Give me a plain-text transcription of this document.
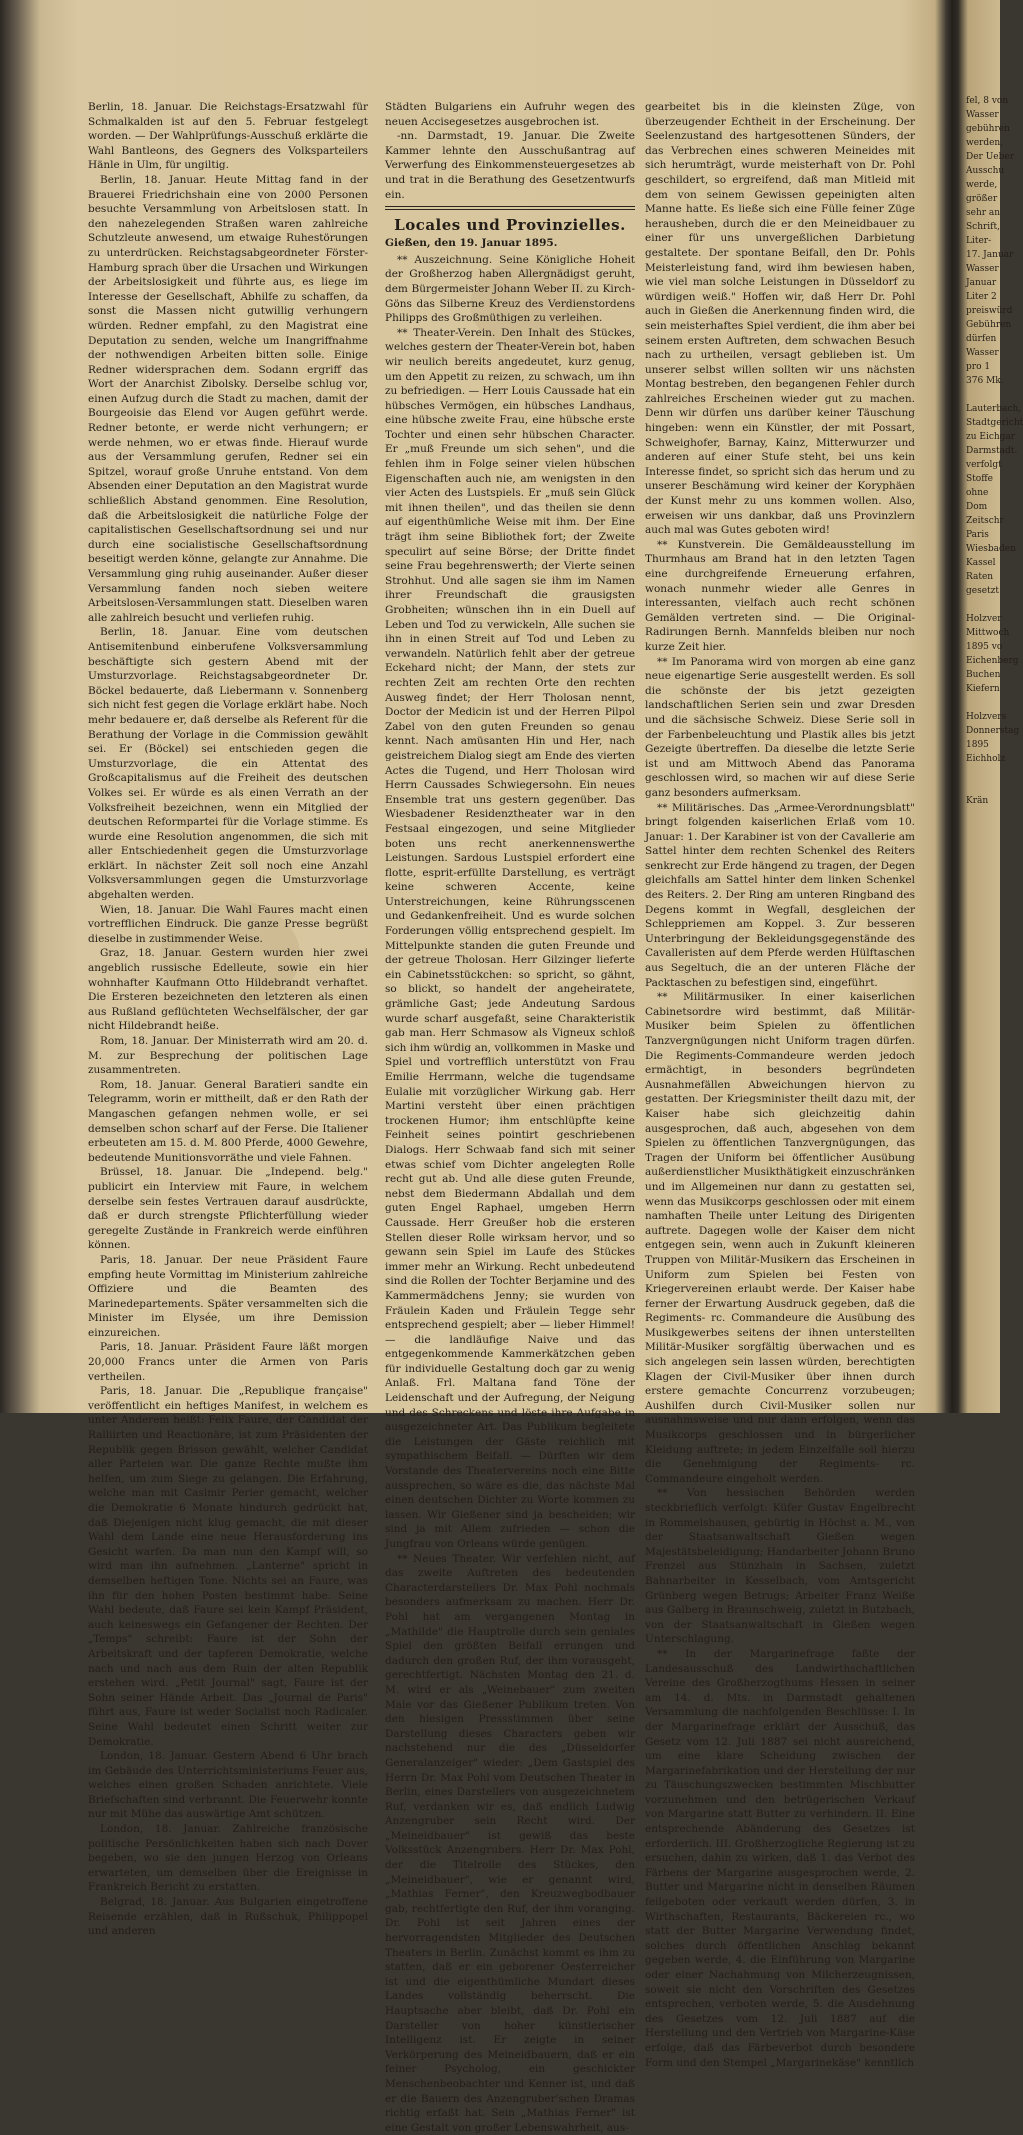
Berlin, 18. Januar. Die Reichstags-Ersatzwahl für Schmalkalden ist auf den 5. Februar festgelegt worden. — Der Wahlprüfungs-Ausschuß erklärte die Wahl Bantleons, des Gegners des Volksparteilers Hänle in Ulm, für ungiltig.

Berlin, 18. Januar. Heute Mittag fand in der Brauerei Friedrichshain eine von 2000 Personen besuchte Versammlung von Arbeitslosen statt. In den nahezelegenden Straßen waren zahlreiche Schutzleute anwesend, um etwaige Ruhestörungen zu unterdrücken. Reichstagsabgeordneter Förster-Hamburg sprach über die Ursachen und Wirkungen der Arbeitslosigkeit und führte aus, es liege im Interesse der Gesellschaft, Abhilfe zu schaffen, da sonst die Massen nicht gutwillig verhungern würden. Redner empfahl, zu den Magistrat eine Deputation zu senden, welche um Inangriffnahme der nothwendigen Arbeiten bitten solle. Einige Redner widersprachen dem. Sodann ergriff das Wort der Anarchist Zibolsky. Derselbe schlug vor, einen Aufzug durch die Stadt zu machen, damit der Bourgeoisie das Elend vor Augen geführt werde. Redner betonte, er werde nicht verhungern; er werde nehmen, wo er etwas finde. Hierauf wurde aus der Versammlung gerufen, Redner sei ein Spitzel, worauf große Unruhe entstand. Von dem Absenden einer Deputation an den Magistrat wurde schließlich Abstand genommen. Eine Resolution, daß die Arbeitslosigkeit die natürliche Folge der capitalistischen Gesellschaftsordnung sei und nur durch eine socialistische Gesellschaftsordnung beseitigt werden könne, gelangte zur Annahme. Die Versammlung ging ruhig auseinander. Außer dieser Versammlung fanden noch sieben weitere Arbeitslosen-Versammlungen statt. Dieselben waren alle zahlreich besucht und verliefen ruhig.

Berlin, 18. Januar. Eine vom deutschen Antisemitenbund einberufene Volksversammlung beschäftigte sich gestern Abend mit der Umsturzvorlage. Reichstagsabgeordneter Dr. Böckel bedauerte, daß Liebermann v. Sonnenberg sich nicht fest gegen die Vorlage erklärt habe. Noch mehr bedauere er, daß derselbe als Referent für die Berathung der Vorlage in die Commission gewählt sei. Er (Böckel) sei entschieden gegen die Umsturzvorlage, die ein Attentat des Großcapitalismus auf die Freiheit des deutschen Volkes sei. Er würde es als einen Verrath an der Volksfreiheit bezeichnen, wenn ein Mitglied der deutschen Reformpartei für die Vorlage stimme. Es wurde eine Resolution angenommen, die sich mit aller Entschiedenheit gegen die Umsturzvorlage erklärt. In nächster Zeit soll noch eine Anzahl Volksversammlungen gegen die Umsturzvorlage abgehalten werden.

Wien, 18. Januar. Die Wahl Faures macht einen vortrefflichen Eindruck. Die ganze Presse begrüßt dieselbe in zustimmender Weise.

Graz, 18. Januar. Gestern wurden hier zwei angeblich russische Edelleute, sowie ein hier wohnhafter Kaufmann Otto Hildebrandt verhaftet. Die Ersteren bezeichneten den letzteren als einen aus Rußland geflüchteten Wechselfälscher, der gar nicht Hildebrandt heiße.

Rom, 18. Januar. Der Ministerrath wird am 20. d. M. zur Besprechung der politischen Lage zusammentreten.

Rom, 18. Januar. General Baratieri sandte ein Telegramm, worin er mittheilt, daß er den Rath der Mangaschen gefangen nehmen wolle, er sei demselben schon scharf auf der Ferse. Die Italiener erbeuteten am 15. d. M. 800 Pferde, 4000 Gewehre, bedeutende Munitionsvorräthe und viele Fahnen.

Brüssel, 18. Januar. Die „Independ. belg." publicirt ein Interview mit Faure, in welchem derselbe sein festes Vertrauen darauf ausdrückte, daß er durch strengste Pflichterfüllung wieder geregelte Zustände in Frankreich werde einführen können.

Paris, 18. Januar. Der neue Präsident Faure empfing heute Vormittag im Ministerium zahlreiche Offiziere und die Beamten des Marinedepartements. Später versammelten sich die Minister im Elysée, um ihre Demission einzureichen.

Paris, 18. Januar. Präsident Faure läßt morgen 20,000 Francs unter die Armen von Paris vertheilen.

Paris, 18. Januar. Die „Republique française" veröffentlicht ein heftiges Manifest, in welchem es unter Anderem heißt: Felix Faure, der Candidat der Ralliirten und Reactionäre, ist zum Präsidenten der Republik gegen Brisson gewählt, welcher Candidat aller Parteien war. Die ganze Rechte mußte ihm helfen, um zum Siege zu gelangen. Die Erfahrung, welche man mit Casimir Perier gemacht, welcher die Demokratie 6 Monate hindurch gedrückt hat, daß Diejenigen nicht klug gemacht, die mit dieser Wahl dem Lande eine neue Herausforderung ins Gesicht warfen. Da man nun den Kampf will, so wird man ihn aufnehmen. „Lanterne" spricht in demselben heftigen Tone. Nichts sei an Faure, was ihn für den hohen Posten bestimmt habe. Seine Wahl bedeute, daß Faure sei kein Kampf Präsident, auch keineswegs ein Gefangener der Rechten. Der „Temps" schreibt: Faure ist der Sohn der Arbeitskraft und der tapferen Demokratie, welche nach und nach aus dem Ruin der alten Republik erstehen wird. „Petit Journal" sagt, Faure ist der Sohn seiner Hände Arbeit. Das „Journal de Paris" führt aus, Faure ist weder Socialist noch Radicaler. Seine Wahl bedeutet einen Schritt weiter zur Demokratie.

London, 18. Januar. Gestern Abend 6 Uhr brach im Gebäude des Unterrichtsministeriums Feuer aus, welches einen großen Schaden anrichtete. Viele Briefschaften sind verbrannt. Die Feuerwehr konnte nur mit Mühe das auswärtige Amt schützen.

London, 18. Januar. Zahlreiche französische politische Persönlichkeiten haben sich nach Dover begeben, wo sie den jungen Herzog von Orleans erwarteten, um demselben über die Ereignisse in Frankreich Bericht zu erstatten.

Belgrad, 18. Januar. Aus Bulgarien eingetroffene Reisende erzählen, daß in Rußschuk, Philippopel und anderen

Städten Bulgariens ein Aufruhr wegen des neuen Accisegesetzes ausgebrochen ist.

-nn. Darmstadt, 19. Januar. Die Zweite Kammer lehnte den Ausschußantrag auf Verwerfung des Einkommensteuergesetzes ab und trat in die Berathung des Gesetzentwurfs ein.

Locales und Provinzielles.
Gießen, den 19. Januar 1895.

** Auszeichnung. Seine Königliche Hoheit der Großherzog haben Allergnädigst geruht, dem Bürgermeister Johann Weber II. zu Kirch-Göns das Silberne Kreuz des Verdienstordens Philipps des Großmüthigen zu verleihen.

** Theater-Verein. Den Inhalt des Stückes, welches gestern der Theater-Verein bot, haben wir neulich bereits angedeutet, kurz genug, um den Appetit zu reizen, zu schwach, um ihn zu befriedigen. — Herr Louis Caussade hat ein hübsches Vermögen, ein hübsches Landhaus, eine hübsche zweite Frau, eine hübsche erste Tochter und einen sehr hübschen Character. Er „muß Freunde um sich sehen", und die fehlen ihm in Folge seiner vielen hübschen Eigenschaften auch nie, am wenigsten in den vier Acten des Lustspiels. Er „muß sein Glück mit ihnen theilen", und das theilen sie denn auf eigenthümliche Weise mit ihm. Der Eine trägt ihm seine Bibliothek fort; der Zweite speculirt auf seine Börse; der Dritte findet seine Frau begehrenswerth; der Vierte seinen Strohhut. Und alle sagen sie ihm im Namen ihrer Freundschaft die grausigsten Grobheiten; wünschen ihn in ein Duell auf Leben und Tod zu verwickeln, Alle suchen sie ihn in einen Streit auf Tod und Leben zu verwandeln. Natürlich fehlt aber der getreue Eckehard nicht; der Mann, der stets zur rechten Zeit am rechten Orte den rechten Ausweg findet; der Herr Tholosan nennt, Doctor der Medicin ist und der Herren Pilpol Zabel von den guten Freunden so genau kennt. Nach amüsanten Hin und Her, nach geistreichem Dialog siegt am Ende des vierten Actes die Tugend, und Herr Tholosan wird Herrn Caussades Schwiegersohn. Ein neues Ensemble trat uns gestern gegenüber. Das Wiesbadener Residenztheater war in den Festsaal eingezogen, und seine Mitglieder boten uns recht anerkennenswerthe Leistungen. Sardous Lustspiel erfordert eine flotte, esprit-erfüllte Darstellung, es verträgt keine schweren Accente, keine Unterstreichungen, keine Rührungsscenen und Gedankenfreiheit. Und es wurde solchen Forderungen völlig entsprechend gespielt. Im Mittelpunkte standen die guten Freunde und der getreue Tholosan. Herr Gilzinger lieferte ein Cabinetsstückchen: so spricht, so gähnt, so blickt, so handelt der angeheiratete, grämliche Gast; jede Andeutung Sardous wurde scharf ausgefaßt, seine Charakteristik gab man. Herr Schmasow als Vigneux schloß sich ihm würdig an, vollkommen in Maske und Spiel und vortrefflich unterstützt von Frau Emilie Herrmann, welche die tugendsame Eulalie mit vorzüglicher Wirkung gab. Herr Martini versteht über einen prächtigen trockenen Humor; ihm entschlüpfte keine Feinheit seines pointirt geschriebenen Dialogs. Herr Schwaab fand sich mit seiner etwas schief vom Dichter angelegten Rolle recht gut ab. Und alle diese guten Freunde, nebst dem Biedermann Abdallah und dem guten Engel Raphael, umgeben Herrn Caussade. Herr Greußer hob die ersteren Stellen dieser Rolle wirksam hervor, und so gewann sein Spiel im Laufe des Stückes immer mehr an Wirkung. Recht unbedeutend sind die Rollen der Tochter Berjamine und des Kammermädchens Jenny; sie wurden von Fräulein Kaden und Fräulein Tegge sehr entsprechend gespielt; aber — lieber Himmel! — die landläufige Naive und das entgegenkommende Kammerkätzchen geben für individuelle Gestaltung doch gar zu wenig Anlaß. Frl. Maltana fand Töne der Leidenschaft und der Aufregung, der Neigung und des Schreckens und löste ihre Aufgabe in ausgezeichneter Art. Das Publikum begleitete die Leistungen der Gäste reichlich mit sympathischem Beifall. — Dürften wir dem Vorstande des Theatervereins noch eine Bitte aussprechen, so wäre es die, das nächste Mal einen deutschen Dichter zu Worte kommen zu lassen. Wir Gießener sind ja bescheiden; wir sind ja mit Allem zufrieden — schon die Jungfrau von Orleans würde genügen.

** Neues Theater. Wir verfehlen nicht, auf das zweite Auftreten des bedeutenden Characterdarstellers Dr. Max Pohl nochmals besonders aufmerksam zu machen. Herr Dr. Pohl hat am vergangenen Montag in „Mathilde" die Hauptrolle durch sein geniales Spiel den größten Beifall errungen und dadurch den großen Ruf, der ihm vorausgeht, gerechtfertigt. Nächsten Montag den 21. d. M. wird er als „Weinebauer" zum zweiten Male vor das Gießener Publikum treten. Von den hiesigen Pressstimmen über seine Darstellung dieses Characters geben wir nachstehend nur die des „Düsseldorfer Generalanzeiger" wieder: „Dem Gastspiel des Herrn Dr. Max Pohl vom Deutschen Theater in Berlin, eines Darstellers von ausgezeichnetem Ruf, verdanken wir es, daß endlich Ludwig Anzengruber sein Recht wird. Der „Meineidbauer" ist gewiß das beste Volksstück Anzengrubers. Herr Dr. Max Pohl, der die Titelrolle des Stückes, den „Meineidbauer", wie er genannt wird, „Mathias Ferner", den Kreuzwegbodbauer gab, rechtfertigte den Ruf, der ihm voranging. Dr. Pohl ist seit Jahren eines der hervorragendsten Mitglieder des Deutschen Theaters in Berlin. Zunächst kommt es ihm zu statten, daß er ein geborener Oesterreicher ist und die eigenthümliche Mundart dieses Landes vollständig beherrscht. Die Hauptsache aber bleibt, daß Dr. Pohl ein Darsteller von hoher künstlerischer Intelligenz ist. Er zeigte in seiner Verkörperung des Meineidbauern, daß er ein feiner Psycholog, ein geschickter Menschenbeobachter und Kenner ist, und daß er die Bauern des Anzengruber'schen Dramas richtig erfaßt hat. Sein „Mathias Ferner" ist eine Gestalt von großer Lebenswahrheit, aus-

gearbeitet bis in die kleinsten Züge, von überzeugender Echtheit in der Erscheinung. Der Seelenzustand des hartgesottenen Sünders, der das Verbrechen eines schweren Meineides mit sich herumträgt, wurde meisterhaft von Dr. Pohl geschildert, so ergreifend, daß man Mitleid mit dem von seinem Gewissen gepeinigten alten Manne hatte. Es ließe sich eine Fülle feiner Züge herausheben, durch die er den Meineidbauer zu einer für uns unvergeßlichen Darbietung gestaltete. Der spontane Beifall, den Dr. Pohls Meisterleistung fand, wird ihm bewiesen haben, wie viel man solche Leistungen in Düsseldorf zu würdigen weiß." Hoffen wir, daß Herr Dr. Pohl auch in Gießen die Anerkennung finden wird, die sein meisterhaftes Spiel verdient, die ihm aber bei seinem ersten Auftreten, dem schwachen Besuch nach zu urtheilen, versagt geblieben ist. Um unserer selbst willen sollten wir uns nächsten Montag bestreben, den begangenen Fehler durch zahlreiches Erscheinen wieder gut zu machen. Denn wir dürfen uns darüber keiner Täuschung hingeben: wenn ein Künstler, der mit Possart, Schweighofer, Barnay, Kainz, Mitterwurzer und anderen auf einer Stufe steht, bei uns kein Interesse findet, so spricht sich das herum und zu unserer Beschämung wird keiner der Koryphäen der Kunst mehr zu uns kommen wollen. Also, erweisen wir uns dankbar, daß uns Provinzlern auch mal was Gutes geboten wird!

** Kunstverein. Die Gemäldeausstellung im Thurmhaus am Brand hat in den letzten Tagen eine durchgreifende Erneuerung erfahren, wonach nunmehr wieder alle Genres in interessanten, vielfach auch recht schönen Gemälden vertreten sind. — Die Original-Radirungen Bernh. Mannfelds bleiben nur noch kurze Zeit hier.

** Im Panorama wird von morgen ab eine ganz neue eigenartige Serie ausgestellt werden. Es soll die schönste der bis jetzt gezeigten landschaftlichen Serien sein und zwar Dresden und die sächsische Schweiz. Diese Serie soll in der Farbenbeleuchtung und Plastik alles bis jetzt Gezeigte übertreffen. Da dieselbe die letzte Serie ist und am Mittwoch Abend das Panorama geschlossen wird, so machen wir auf diese Serie ganz besonders aufmerksam.

** Militärisches. Das „Armee-Verordnungsblatt" bringt folgenden kaiserlichen Erlaß vom 10. Januar: 1. Der Karabiner ist von der Cavallerie am Sattel hinter dem rechten Schenkel des Reiters senkrecht zur Erde hängend zu tragen, der Degen gleichfalls am Sattel hinter dem linken Schenkel des Reiters. 2. Der Ring am unteren Ringband des Degens kommt in Wegfall, desgleichen der Schleppriemen am Koppel. 3. Zur besseren Unterbringung der Bekleidungsgegenstände des Cavalleristen auf dem Pferde werden Hülftaschen aus Segeltuch, die an der unteren Fläche der Packtaschen zu befestigen sind, eingeführt.

** Militärmusiker. In einer kaiserlichen Cabinetsordre wird bestimmt, daß Militär-Musiker beim Spielen zu öffentlichen Tanzvergnügungen nicht Uniform tragen dürfen. Die Regiments-Commandeure werden jedoch ermächtigt, in besonders begründeten Ausnahmefällen Abweichungen hiervon zu gestatten. Der Kriegsminister theilt dazu mit, der Kaiser habe sich gleichzeitig dahin ausgesprochen, daß auch, abgesehen von dem Spielen zu öffentlichen Tanzvergnügungen, das Tragen der Uniform bei öffentlicher Ausübung außerdienstlicher Musikthätigkeit einzuschränken und im Allgemeinen nur dann zu gestatten sei, wenn das Musikcorps geschlossen oder mit einem namhaften Theile unter Leitung des Dirigenten auftrete. Dagegen wolle der Kaiser dem nicht entgegen sein, wenn auch in Zukunft kleineren Truppen von Militär-Musikern das Erscheinen in Uniform zum Spielen bei Festen von Kriegervereinen erlaubt werde. Der Kaiser habe ferner der Erwartung Ausdruck gegeben, daß die Regiments- rc. Commandeure die Ausübung des Musikgewerbes seitens der ihnen unterstellten Militär-Musiker sorgfältig überwachen und es sich angelegen sein lassen würden, berechtigten Klagen der Civil-Musiker über ihnen durch erstere gemachte Concurrenz vorzubeugen; Aushilfen durch Civil-Musiker sollen nur ausnahmsweise und nur dann erfolgen, wenn das Musikcorps geschlossen und in bürgerlicher Kleidung auftrete; in jedem Einzelfalle soll hierzu die Genehmigung der Regiments- rc. Commandeure eingeholt werden.

** Von hessischen Behörden werden steckbrieflich verfolgt: Küfer Gustav Engelbrecht in Rommelshausen, gebürtig in Höchst a. M., von der Staatsanwaltschaft Gießen wegen Majestätsbeleidigung; Handarbeiter Johann Bruno Frenzel aus Stünzhain in Sachsen, zuletzt Bahnarbeiter in Kesselbach, vom Amtsgericht Grünberg wegen Betrugs; Arbeiter Franz Weiße aus Galberg in Braunschweig, zuletzt in Butzbach, von der Staatsanwaltschaft in Gießen wegen Unterschlagung.

** In der Margarinefrage faßte der Landesausschuß des Landwirthschaftlichen Vereine des Großherzogthums Hessen in seiner am 14. d. Mts. in Darmstadt gehaltenen Versammlung die nachfolgenden Beschlüsse: I. In der Margarinefrage erklärt der Ausschuß, das Gesetz vom 12. Juli 1887 sei nicht ausreichend, um eine klare Scheidung zwischen der Margarinefabrikation und der Herstellung der nur zu Täuschungszwecken bestimmten Mischbutter vorzunehmen und den betrügerischen Verkauf von Margarine statt Butter zu verhindern. II. Eine entsprechende Abänderung des Gesetzes ist erforderlich. III. Großherzogliche Regierung ist zu ersuchen, dahin zu wirken, daß 1. das Verbot des Färbens der Margarine ausgesprochen werde, 2. Butter und Margarine nicht in denselben Räumen feilgeboten oder verkauft werden dürfen, 3. in Wirthschaften, Restaurants, Bäckereien rc., wo statt der Butter Margarine Verwendung findet, solches durch öffentlichen Anschlag bekannt gegeben werde, 4. die Einführung von Margarine oder einer Nachahmung von Milcherzeugnissen, soweit sie nicht den Vorschriften des Gesetzes entsprechen, verboten werde, 5. die Ausdehnung des Gesetzes vom 12. Juli 1887 auf die Herstellung und den Vertrieb von Margarine-Käse erfolge, daß das Färbeverbot durch besondere Form und den Stempel „Margarinekäse" kenntlich

fel, 8 von
Wasser
gebühren
werden,
Der Ueber
Ausschu
werde,
größer
sehr an
Schrift,
Liter-
17. Januar
Wasser
Januar
Liter 2
preiswürd
Gebühren
dürfen
Wasser
pro 1
376 Mk.
Lauterbach,
Stadtgericht
zu Eichgar
Darmstadt.
verfolgt
Stoffe
ohne
Dom
Zeitschr
Paris
Wiesbaden
Kassel
Raten
gesetzt
Holzver
Mittwoch
1895 vo
Eichenberg
Buchen
Kiefern
Holzvers
Donnerstag
1895
Eichholz
Krän
